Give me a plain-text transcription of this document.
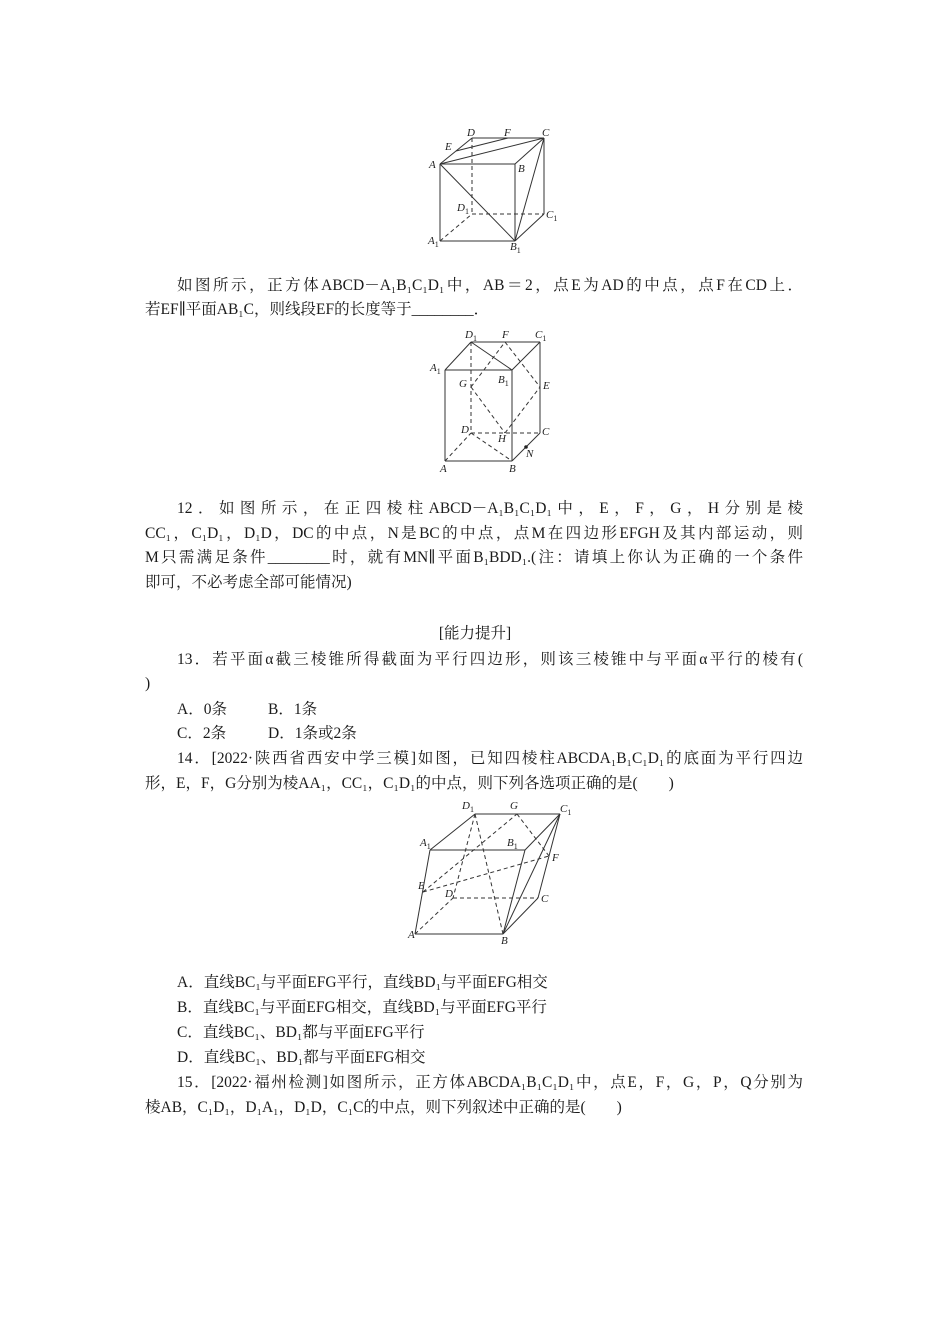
D	F	C
E
A	B
$D_1$	$C_1$
$A_1$	$B_1$
如图所示，正方体ABCD－A₁B₁C₁D₁中，AB＝2，点E为AD的中点，点F在CD上．
若EF∥平面AB₁C，则线段EF的长度等于________．
$D_1$ F $C_1$
$A_1$
G	$B_1$	E
D
H
C
A	B
N
12．如图所示，在正四棱柱ABCD－A₁B₁C₁D₁中，E，F，G，H分别是棱
CC₁，C₁D₁，D₁D，DC的中点，N是BC的中点，点M在四边形EFGH及其内部运动，则
M只需满足条件________时，就有MN∥平面B₁BDD₁.(注：请填上你认为正确的一个条件
即可，不必考虑全部可能情况)
[能力提升]
13．若平面α截三棱锥所得截面为平行四边形，则该三棱锥中与平面α平行的棱有(
)
A．0条	B．1条
C．2条	D．1条或2条
14．[2022·陕西省西安中学三模]如图，已知四棱柱ABCDA₁B₁C₁D₁的底面为平行四边
形，E，F，G分别为棱AA₁，CC₁，C₁D₁的中点，则下列各选项正确的是(　　)
$D_1$	G	$C_1$
$A_1$	$B_1$
F
E
D	C
A	B
A．直线BC₁与平面EFG平行，直线BD₁与平面EFG相交
B．直线BC₁与平面EFG相交，直线BD₁与平面EFG平行
C．直线BC₁、BD₁都与平面EFG平行
D．直线BC₁、BD₁都与平面EFG相交
15．[2022·福州检测]如图所示，正方体ABCDA₁B₁C₁D₁中，点E，F，G，P，Q分别为
棱AB，C₁D₁，D₁A₁，D₁D，C₁C的中点，则下列叙述中正确的是(　　)
